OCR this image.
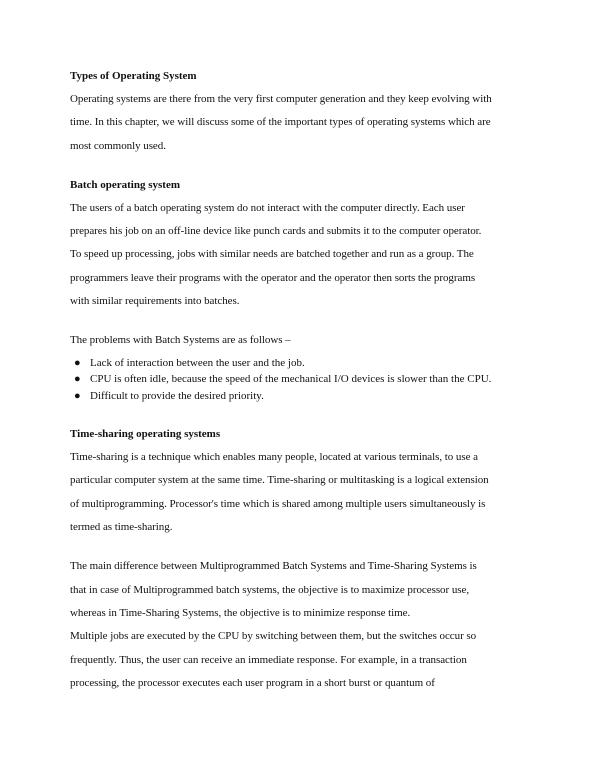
Types of Operating System

Operating systems are there from the very first computer generation and they keep evolving with

time. In this chapter, we will discuss some of the important types of operating systems which are

most commonly used.

Batch operating system

The users of a batch operating system do not interact with the computer directly. Each user

prepares his job on an off-line device like punch cards and submits it to the computer operator.

To speed up processing, jobs with similar needs are batched together and run as a group. The

programmers leave their programs with the operator and the operator then sorts the programs

with similar requirements into batches.

The problems with Batch Systems are as follows –

● Lack of interaction between the user and the job.
● CPU is often idle, because the speed of the mechanical I/O devices is slower than the CPU.
● Difficult to provide the desired priority.
Time-sharing operating systems

Time-sharing is a technique which enables many people, located at various terminals, to use a

particular computer system at the same time. Time-sharing or multitasking is a logical extension

of multiprogramming. Processor's time which is shared among multiple users simultaneously is

termed as time-sharing.

The main difference between Multiprogrammed Batch Systems and Time-Sharing Systems is

that in case of Multiprogrammed batch systems, the objective is to maximize processor use,

whereas in Time-Sharing Systems, the objective is to minimize response time.

Multiple jobs are executed by the CPU by switching between them, but the switches occur so

frequently. Thus, the user can receive an immediate response. For example, in a transaction

processing, the processor executes each user program in a short burst or quantum of
